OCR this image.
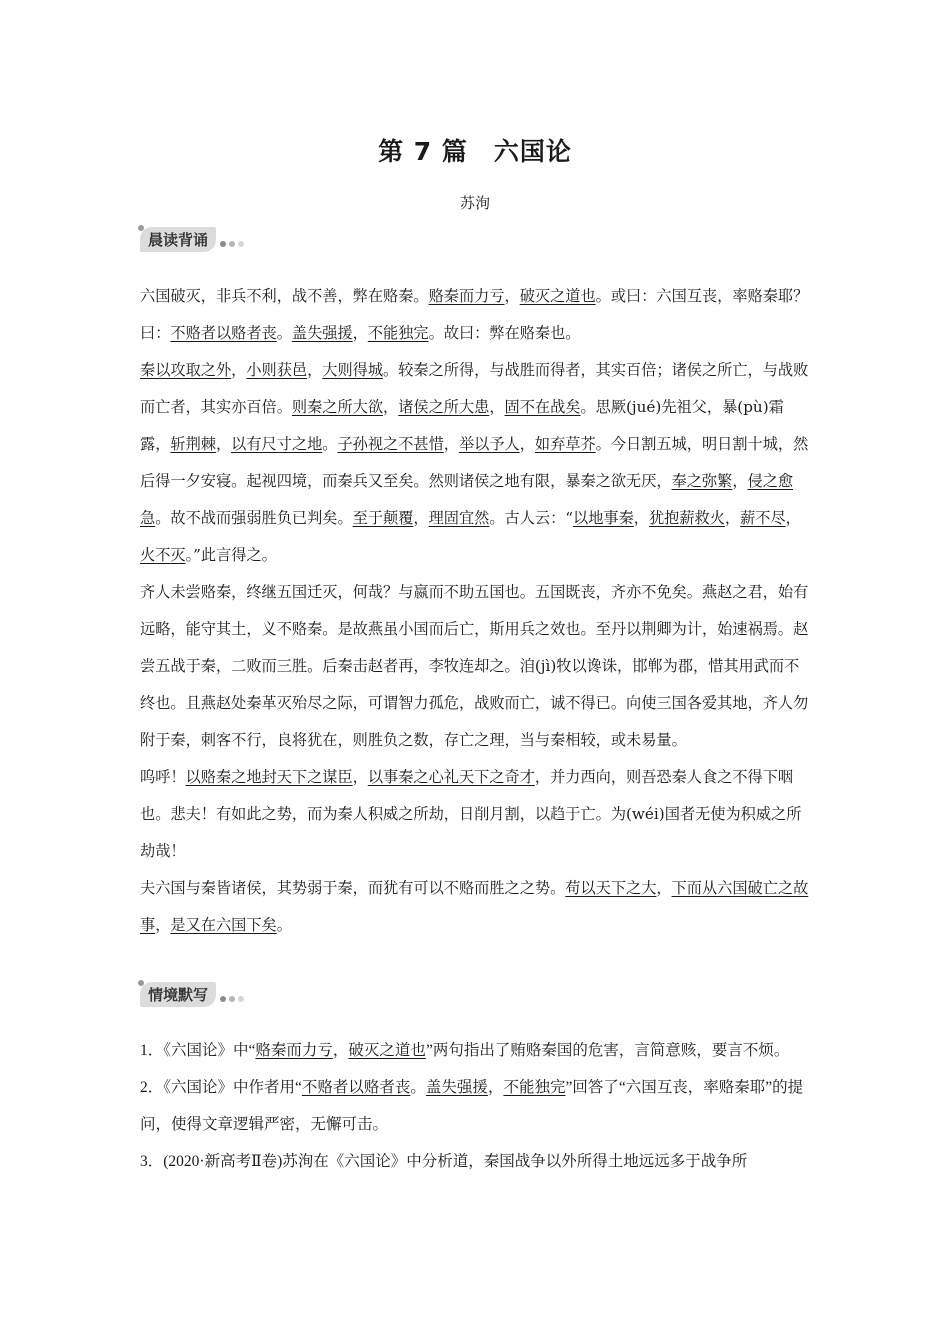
第 7 篇　六国论
苏洵
晨读背诵

六国破灭，非兵不利，战不善，弊在赂秦。赂秦而力亏，破灭之道也。或曰：六国互丧，率赂秦耶？曰：不赂者以赂者丧。盖失强援，不能独完。故曰：弊在赂秦也。

秦以攻取之外，小则获邑，大则得城。较秦之所得，与战胜而得者，其实百倍；诸侯之所亡，与战败而亡者，其实亦百倍。则秦之所大欲，诸侯之所大患，固不在战矣。思厥(jué)先祖父，暴(pù)霜露，斩荆棘，以有尺寸之地。子孙视之不甚惜，举以予人，如弃草芥。今日割五城，明日割十城，然后得一夕安寝。起视四境，而秦兵又至矣。然则诸侯之地有限，暴秦之欲无厌，奉之弥繁，侵之愈急。故不战而强弱胜负已判矣。至于颠覆，理固宜然。古人云：“以地事秦，犹抱薪救火，薪不尽，火不灭。”此言得之。

齐人未尝赂秦，终继五国迁灭，何哉？与嬴而不助五国也。五国既丧，齐亦不免矣。燕赵之君，始有远略，能守其土，义不赂秦。是故燕虽小国而后亡，斯用兵之效也。至丹以荆卿为计，始速祸焉。赵尝五战于秦，二败而三胜。后秦击赵者再，李牧连却之。洎(jì)牧以谗诛，邯郸为郡，惜其用武而不终也。且燕赵处秦革灭殆尽之际，可谓智力孤危，战败而亡，诚不得已。向使三国各爱其地，齐人勿附于秦，刺客不行，良将犹在，则胜负之数，存亡之理，当与秦相较，或未易量。

呜呼！以赂秦之地封天下之谋臣，以事秦之心礼天下之奇才，并力西向，则吾恐秦人食之不得下咽也。悲夫！有如此之势，而为秦人积威之所劫，日削月割，以趋于亡。为(wéi)国者无使为积威之所劫哉！

夫六国与秦皆诸侯，其势弱于秦，而犹有可以不赂而胜之之势。苟以天下之大，下而从六国破亡之故事，是又在六国下矣。

情境默写

1．《六国论》中“赂秦而力亏，破灭之道也”两句指出了贿赂秦国的危害，言简意赅，要言不烦。

2．《六国论》中作者用“不赂者以赂者丧。盖失强援，不能独完”回答了“六国互丧，率赂秦耶”的提问，使得文章逻辑严密，无懈可击。

3．(2020·新高考Ⅱ卷)苏洵在《六国论》中分析道，秦国战争以外所得土地远远多于战争所
